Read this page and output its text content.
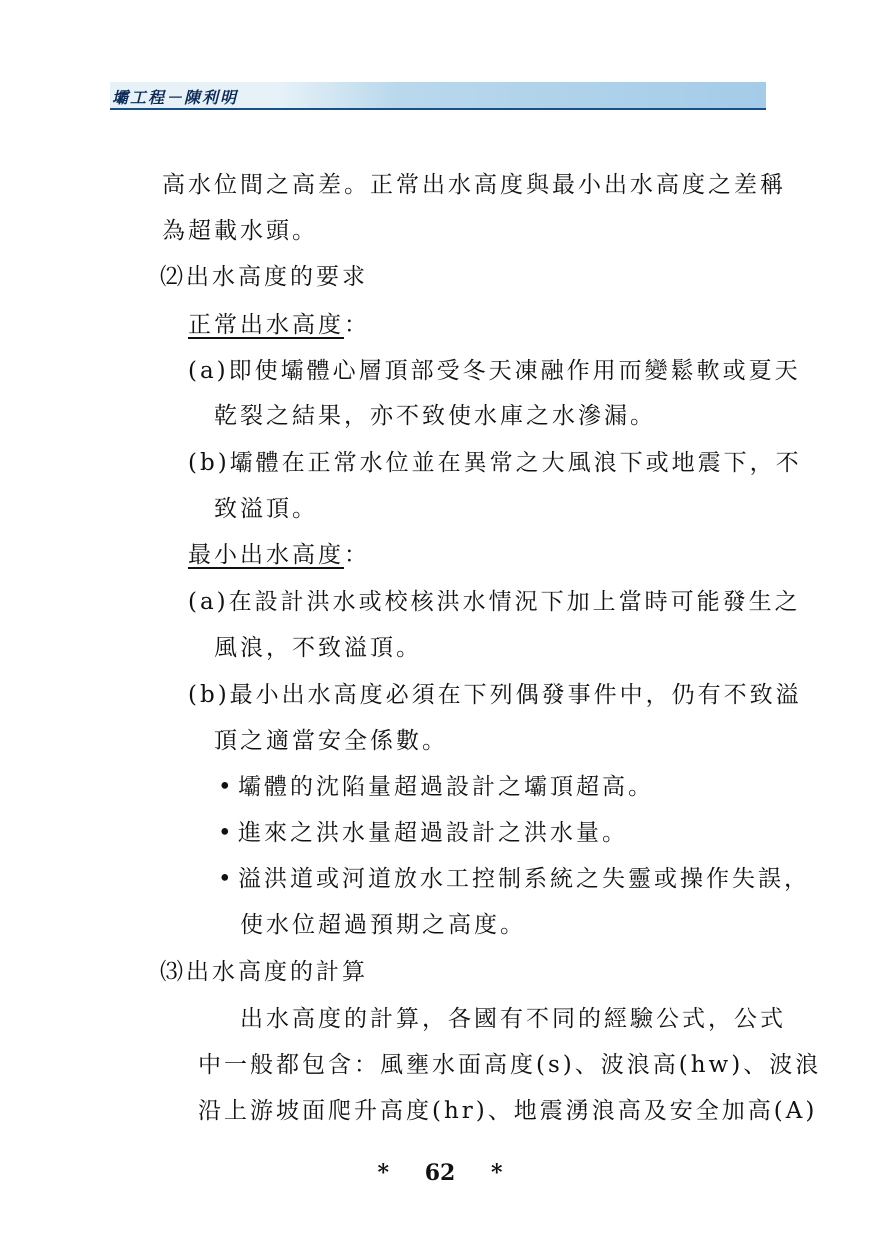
壩工程－陳利明
高水位間之高差。正常出水高度與最小出水高度之差稱
為超載水頭。
⑵出水高度的要求
正常出水高度：
(a)即使壩體心層頂部受冬天凍融作用而變鬆軟或夏天
乾裂之結果，亦不致使水庫之水滲漏。
(b)壩體在正常水位並在異常之大風浪下或地震下，不
致溢頂。
最小出水高度：
(a)在設計洪水或校核洪水情況下加上當時可能發生之
風浪，不致溢頂。
(b)最小出水高度必須在下列偶發事件中，仍有不致溢
頂之適當安全係數。
• 壩體的沈陷量超過設計之壩頂超高。
• 進來之洪水量超過設計之洪水量。
• 溢洪道或河道放水工控制系統之失靈或操作失誤，
使水位超過預期之高度。
⑶出水高度的計算
出水高度的計算，各國有不同的經驗公式，公式
中一般都包含：風壅水面高度(s)、波浪高(hw)、波浪
沿上游坡面爬升高度(hr)、地震湧浪高及安全加高(A)
* 62 *
